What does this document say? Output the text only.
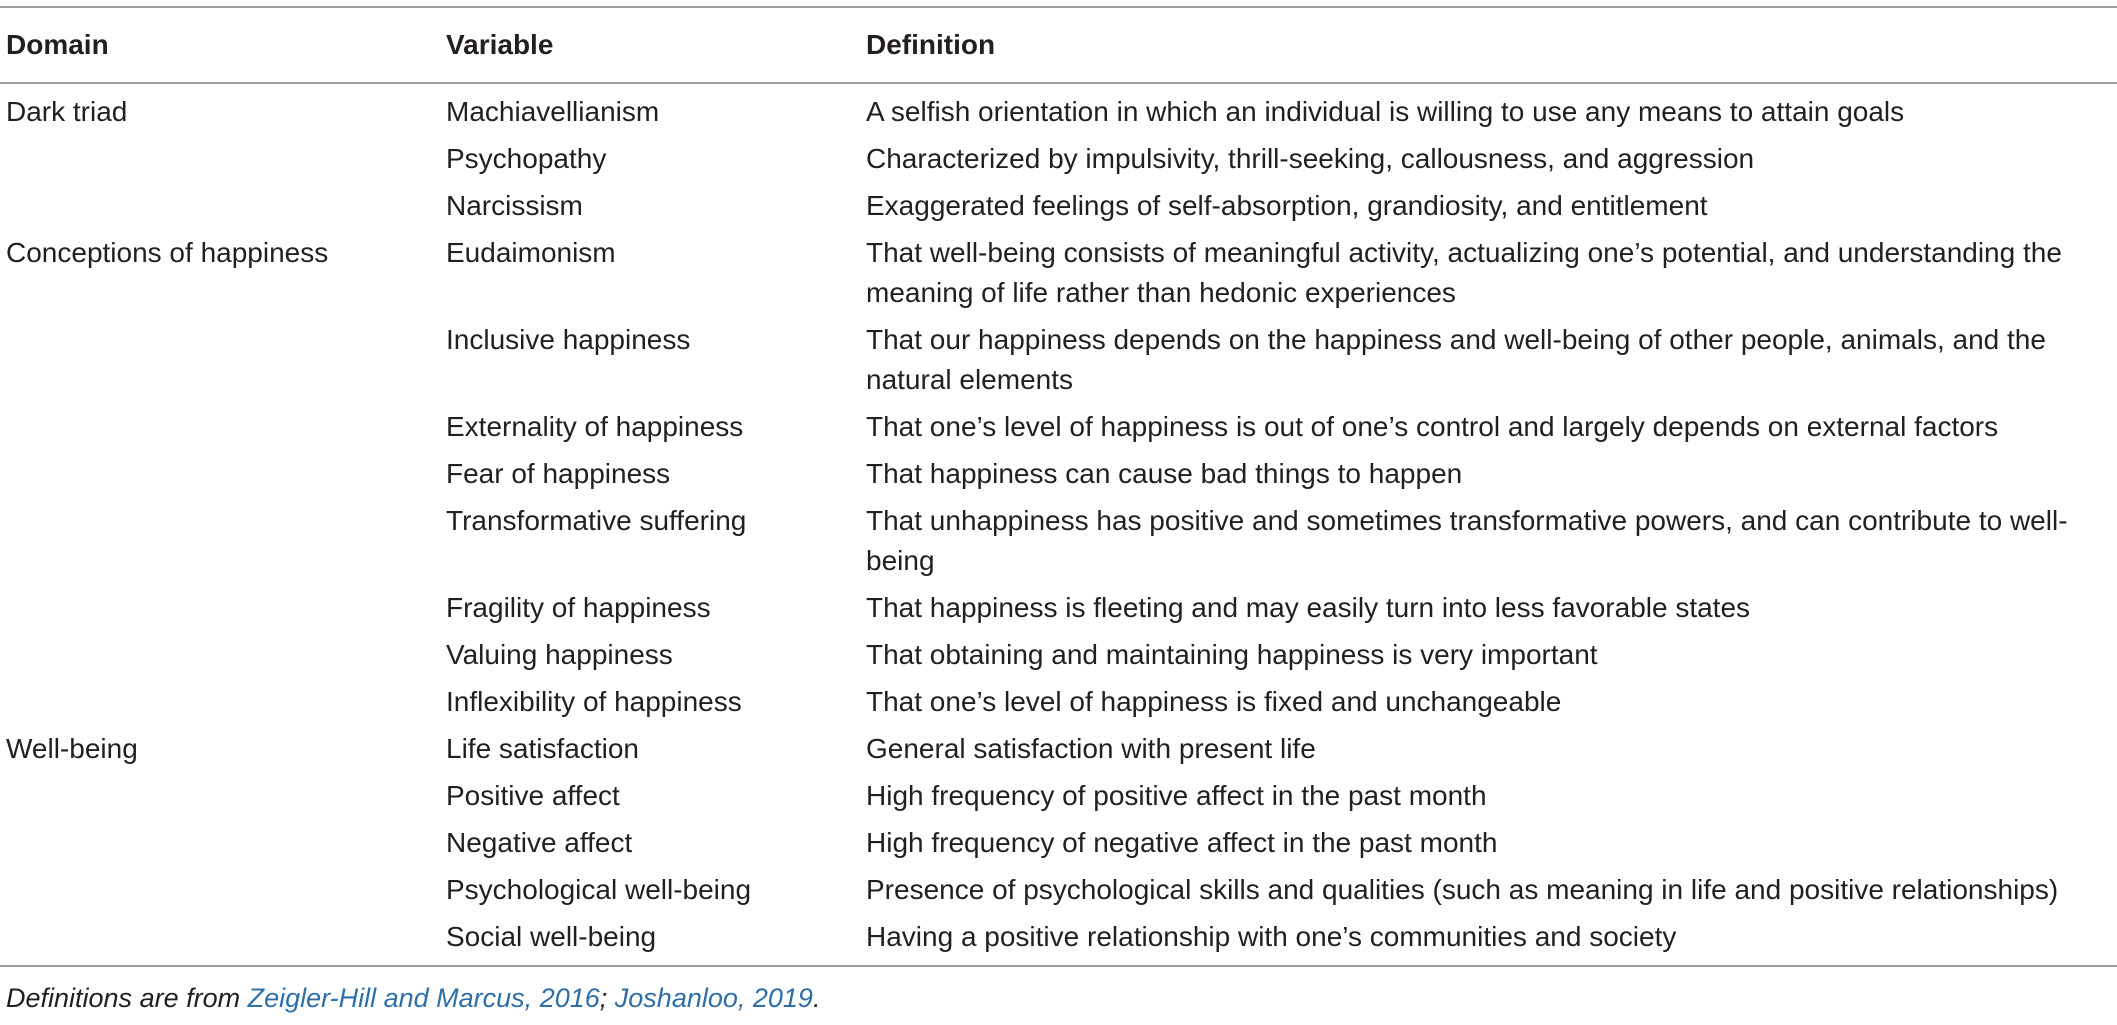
Domain	Variable	Definition
Dark triad	Machiavellianism	A selfish orientation in which an individual is willing to use any means to attain goals
	Psychopathy	Characterized by impulsivity, thrill-seeking, callousness, and aggression
	Narcissism	Exaggerated feelings of self-absorption, grandiosity, and entitlement
Conceptions of happiness	Eudaimonism	That well-being consists of meaningful activity, actualizing one’s potential, and understanding the meaning of life rather than hedonic experiences
	Inclusive happiness	That our happiness depends on the happiness and well-being of other people, animals, and the natural elements
	Externality of happiness	That one’s level of happiness is out of one’s control and largely depends on external factors
	Fear of happiness	That happiness can cause bad things to happen
	Transformative suffering	That unhappiness has positive and sometimes transformative powers, and can contribute to well-being
	Fragility of happiness	That happiness is fleeting and may easily turn into less favorable states
	Valuing happiness	That obtaining and maintaining happiness is very important
	Inflexibility of happiness	That one’s level of happiness is fixed and unchangeable
Well-being	Life satisfaction	General satisfaction with present life
	Positive affect	High frequency of positive affect in the past month
	Negative affect	High frequency of negative affect in the past month
	Psychological well-being	Presence of psychological skills and qualities (such as meaning in life and positive relationships)
	Social well-being	Having a positive relationship with one’s communities and society
Definitions are from Zeigler-Hill and Marcus, 2016; Joshanloo, 2019.
